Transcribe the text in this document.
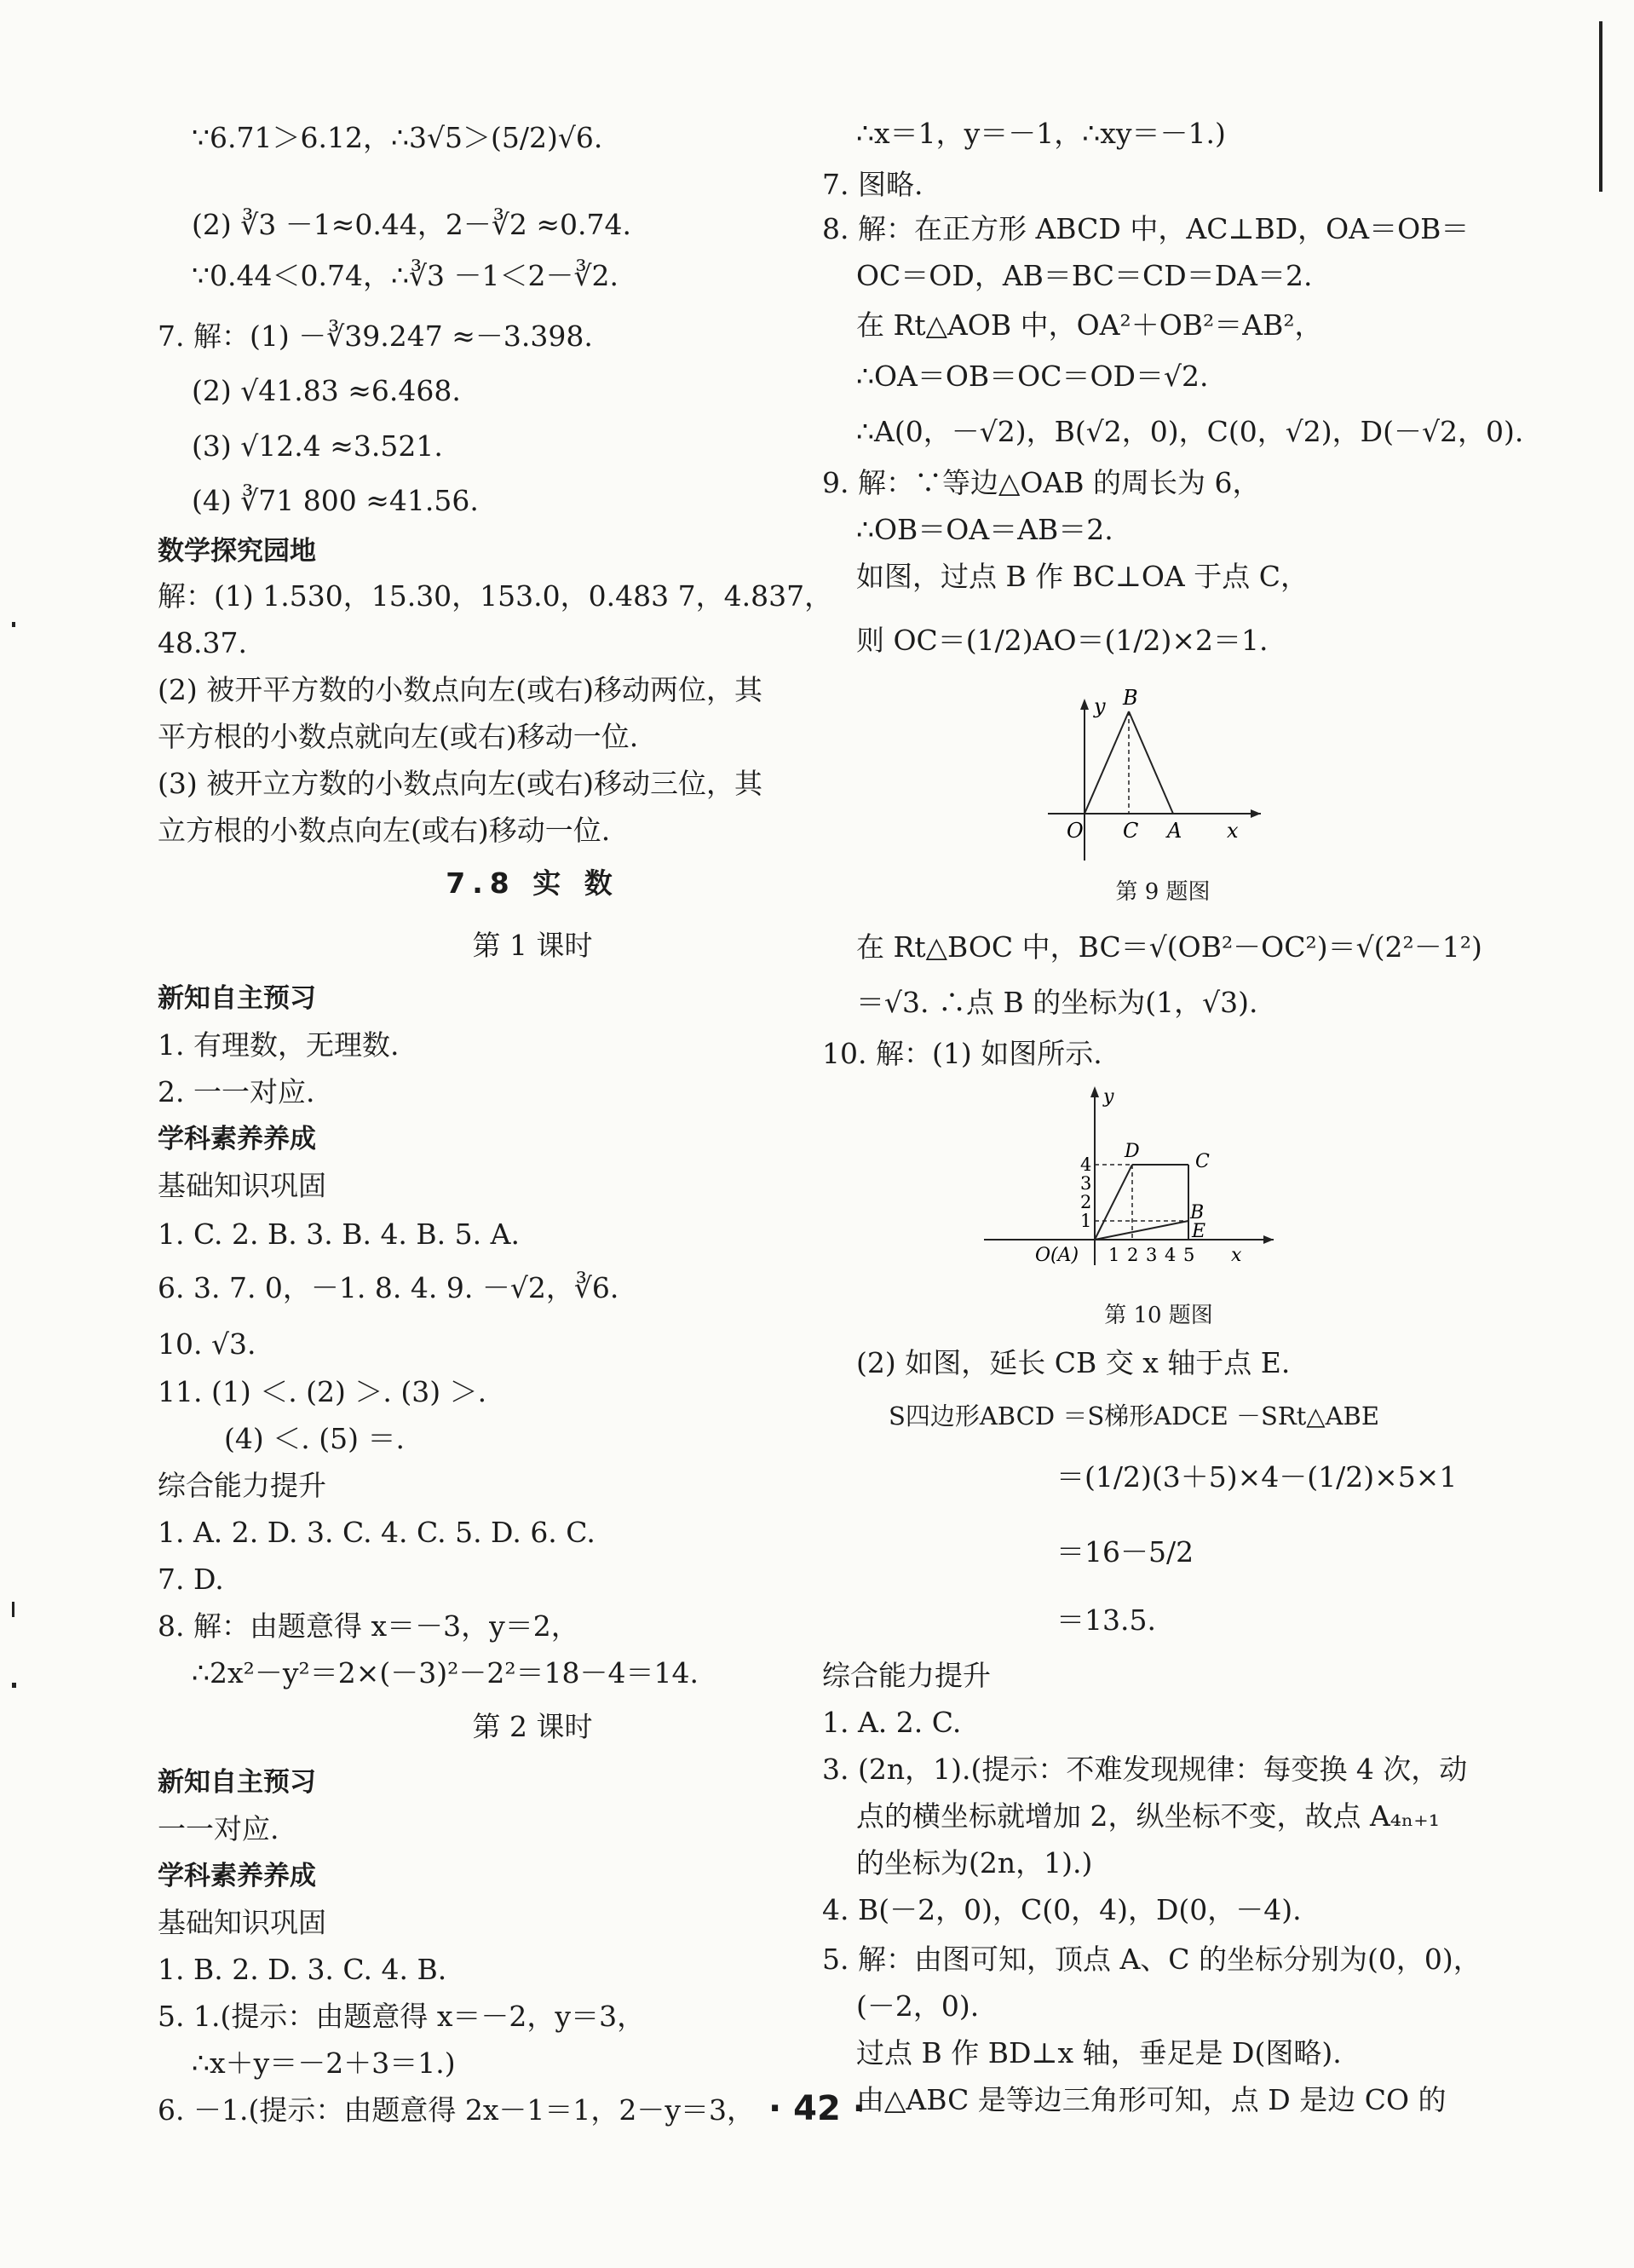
∵6.71＞6.12，∴3√5＞(5/2)√6.
(2) ∛3 －1≈0.44，2－∛2 ≈0.74.
∵0.44＜0.74，∴∛3 －1＜2－∛2.
7. 解：(1) －∛39.247 ≈－3.398.
(2) √41.83 ≈6.468.
(3) √12.4 ≈3.521.
(4) ∛71 800 ≈41.56.
数学探究园地
解：(1) 1.530，15.30，153.0，0.483 7，4.837，
48.37.
(2) 被开平方数的小数点向左(或右)移动两位，其
平方根的小数点就向左(或右)移动一位.
(3) 被开立方数的小数点向左(或右)移动三位，其
立方根的小数点向左(或右)移动一位.
7.8 实 数
第 1 课时
新知自主预习
1. 有理数，无理数.
2. 一一对应.
学科素养养成
基础知识巩固
1. C. 2. B. 3. B. 4. B. 5. A.
6. 3. 7. 0，－1. 8. 4. 9. －√2，∛6.
10. √3.
11. (1) ＜. (2) ＞. (3) ＞.
(4) ＜. (5) ＝.
综合能力提升
1. A. 2. D. 3. C. 4. C. 5. D. 6. C.
7. D.
8. 解：由题意得 x＝－3，y＝2，
∴2x²－y²＝2×(－3)²－2²＝18－4＝14.
第 2 课时
新知自主预习
一一对应.
学科素养养成
基础知识巩固
1. B. 2. D. 3. C. 4. B.
5. 1.(提示：由题意得 x＝－2，y＝3，
∴x＋y＝－2＋3＝1.)
6. －1.(提示：由题意得 2x－1＝1，2－y＝3，
∴x＝1，y＝－1，∴xy＝－1.)
7. 图略.
8. 解：在正方形 ABCD 中，AC⊥BD，OA＝OB＝
OC＝OD，AB＝BC＝CD＝DA＝2.
在 Rt△AOB 中，OA²＋OB²＝AB²，
∴OA＝OB＝OC＝OD＝√2.
∴A(0，－√2)，B(√2，0)，C(0，√2)，D(－√2，0).
9. 解：∵等边△OAB 的周长为 6，
∴OB＝OA＝AB＝2.
如图，过点 B 作 BC⊥OA 于点 C，
则 OC＝(1/2)AO＝(1/2)×2＝1.
y B
O C A x
第 9 题图
在 Rt△BOC 中，BC＝√(OB²－OC²)＝√(2²－1²)
＝√3. ∴点 B 的坐标为(1，√3).
10. 解：(1) 如图所示.
y
4
3
2
1
D	C
B
E
O(A) 1 2 3 4 5 x
第 10 题图
(2) 如图，延长 CB 交 x 轴于点 E.
S四边形ABCD ＝S梯形ADCE －SRt△ABE
＝(1/2)(3＋5)×4－(1/2)×5×1
＝16－5/2
＝13.5.
综合能力提升
1. A. 2. C.
3. (2n，1).(提示：不难发现规律：每变换 4 次，动
点的横坐标就增加 2，纵坐标不变，故点 A₄ₙ₊₁
的坐标为(2n，1).)
4. B(－2，0)，C(0，4)，D(0，－4).
5. 解：由图可知，顶点 A、C 的坐标分别为(0，0)，
(－2，0).
过点 B 作 BD⊥x 轴，垂足是 D(图略).
由△ABC 是等边三角形可知，点 D 是边 CO 的
· 42 ·
